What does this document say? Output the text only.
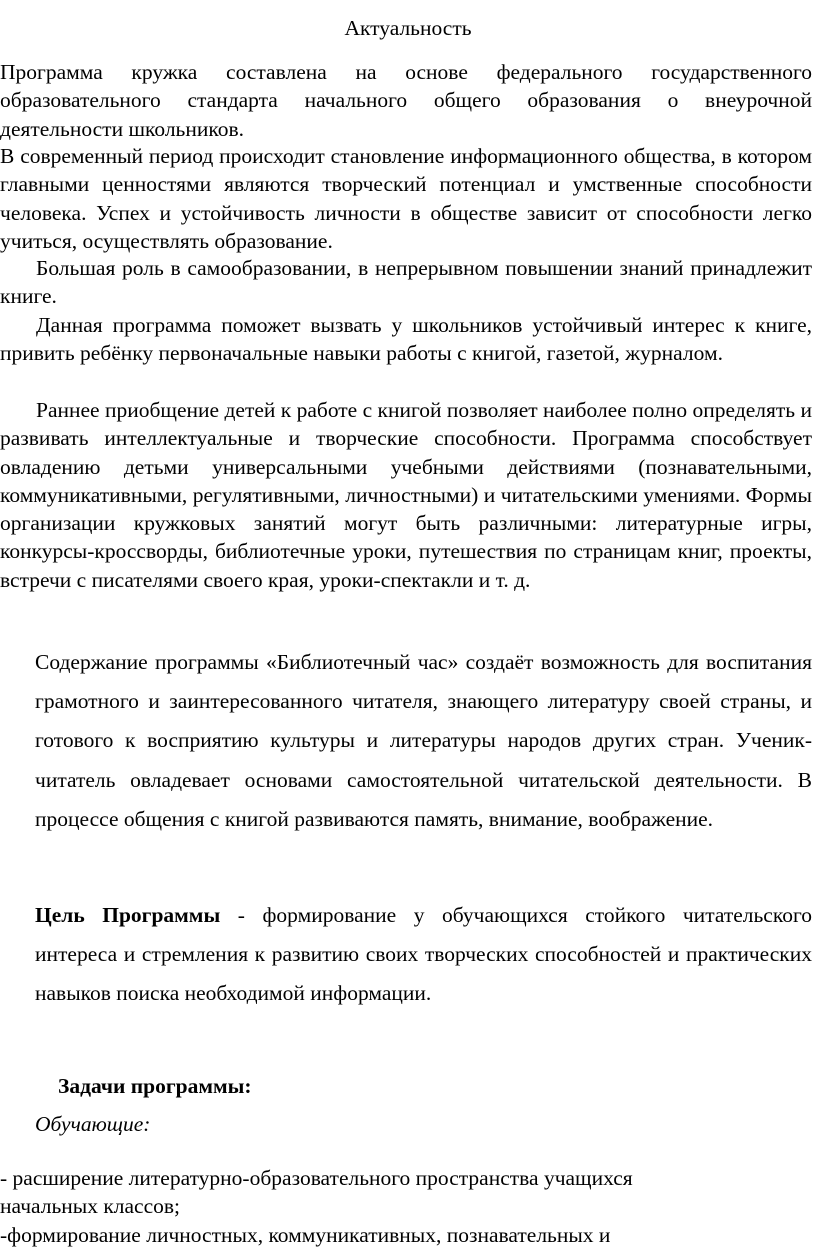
Актуальность
Программа кружка составлена на основе федерального государственного образовательного стандарта начального общего образования о внеурочной деятельности школьников.
В современный период происходит становление информационного общества, в котором главными ценностями являются творческий потенциал и умственные способности человека. Успех и устойчивость личности в обществе зависит от способности легко учиться, осуществлять образование.
Большая роль в самообразовании, в непрерывном повышении знаний принадлежит книге.
Данная программа поможет вызвать у школьников устойчивый интерес к книге, привить ребёнку первоначальные навыки работы с книгой, газетой, журналом.
Раннее приобщение детей к работе с книгой позволяет наиболее полно определять и развивать интеллектуальные и творческие способности. Программа способствует овладению детьми универсальными учебными действиями (познавательными, коммуникативными, регулятивными, личностными) и читательскими умениями. Формы организации кружковых занятий могут быть различными: литературные игры, конкурсы-кроссворды, библиотечные уроки, путешествия по страницам книг, проекты, встречи с писателями своего края, уроки-спектакли и т. д.
Содержание программы «Библиотечный час» создаёт возможность для воспитания грамотного и заинтересованного читателя, знающего литературу своей страны, и готового к восприятию культуры и литературы народов других стран. Ученик-читатель овладевает основами самостоятельной читательской деятельности. В процессе общения с книгой развиваются память, внимание, воображение.
Цель Программы - формирование у обучающихся стойкого читательского интереса и стремления к развитию своих творческих способностей и практических навыков поиска необходимой информации.
Задачи программы:
Обучающие:
- расширение литературно-образовательного пространства учащихся начальных классов;
-формирование личностных, коммуникативных, познавательных и
